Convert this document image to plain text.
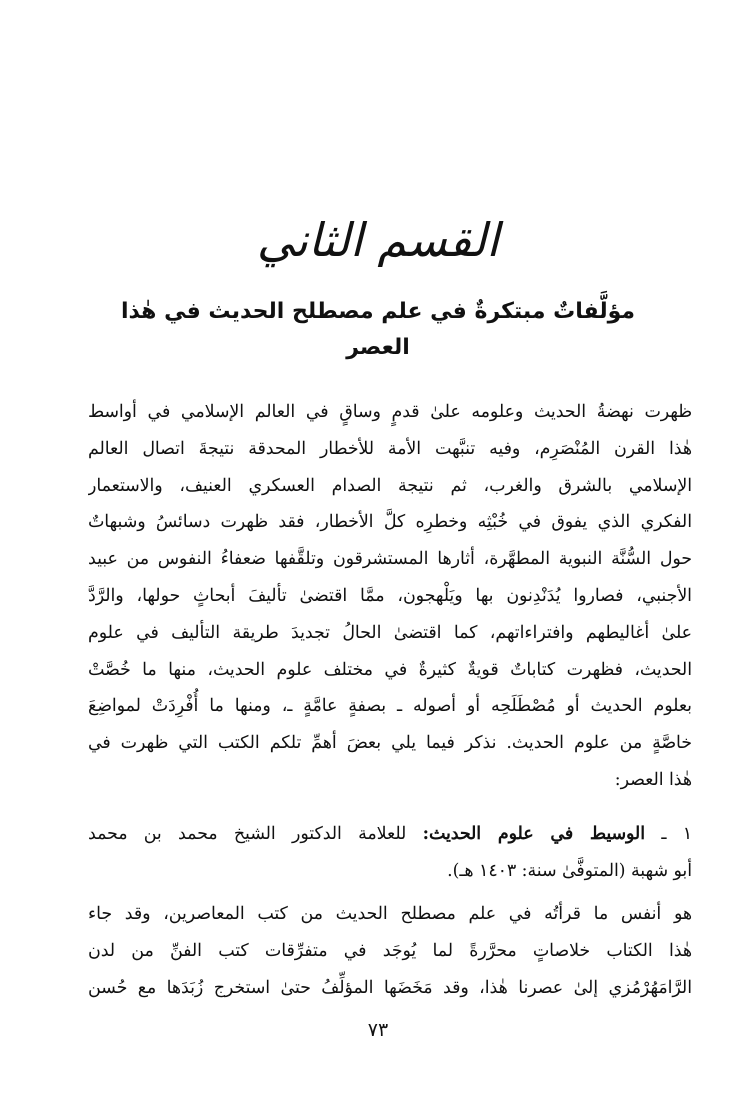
القسم الثاني
مؤلَّفاتٌ مبتكرةٌ في علم مصطلح الحديث في هٰذا العصر
ظهرت نهضةُ الحديث وعلومه علىٰ قدمٍ وساقٍ في العالم الإسلامي في أواسط
هٰذا القرن المُنْصَرِم، وفيه تنبَّهت الأمة للأخطار المحدقة نتيجةَ اتصال العالم
الإسلامي بالشرق والغرب، ثم نتيجة الصدام العسكري العنيف، والاستعمار
الفكري الذي يفوق في خُبْثِه وخطرِه كلَّ الأخطار، فقد ظهرت دسائسُ وشبهاتٌ
حول السُّنَّة النبوية المطهَّرة، أثارها المستشرقون وتلقَّفها ضعفاءُ النفوس من عبيد
الأجنبي، فصاروا يُدَنْدِنون بها ويَلْهجون، ممَّا اقتضىٰ تأليفَ أبحاثٍ حولها، والرَّدَّ
علىٰ أغاليطهم وافتراءاتهم، كما اقتضىٰ الحالُ تجديدَ طريقة التأليف في علوم
الحديث، فظهرت كتاباتٌ قويةٌ كثيرةٌ في مختلف علوم الحديث، منها ما خُصَّتْ
بعلوم الحديث أو مُصْطَلَحِه أو أصوله ـ بصفةٍ عامَّةٍ ـ، ومنها ما أُفْرِدَتْ لمواضِعَ
خاصَّةٍ من علوم الحديث. نذكر فيما يلي بعضَ أهمِّ تلكم الكتب التي ظهرت في
هٰذا العصر:
١ ـ الوسيط في علوم الحديث: للعلامة الدكتور الشيخ محمد بن محمد
أبو شهبة (المتوفَّىٰ سنة: ١٤٠٣ هـ).
هو أنفس ما قرأتُه في علم مصطلح الحديث من كتب المعاصرين، وقد جاء
هٰذا الكتاب خلاصاتٍ محرَّرةً لما يُوجَد في متفرِّقات كتب الفنِّ من لدن
الرَّامَهُرْمُزي إلىٰ عصرنا هٰذا، وقد مَخَضَها المؤلِّفُ حتىٰ استخرج زُبَدَها مع حُسن
٧٣
